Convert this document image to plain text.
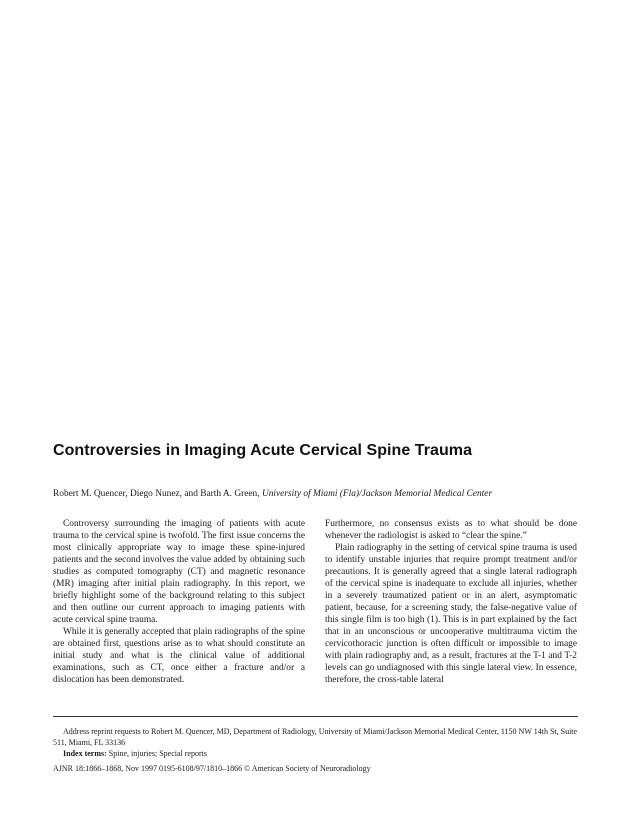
Controversies in Imaging Acute Cervical Spine Trauma
Robert M. Quencer, Diego Nunez, and Barth A. Green, University of Miami (Fla)/Jackson Memorial Medical Center

Controversy surrounding the imaging of patients with acute trauma to the cervical spine is twofold. The first issue concerns the most clinically appropriate way to image these spine-injured patients and the second involves the value added by obtaining such studies as computed tomography (CT) and magnetic resonance (MR) imaging after initial plain radiography. In this report, we briefly highlight some of the background relating to this subject and then outline our current approach to imaging patients with acute cervical spine trauma.

While it is generally accepted that plain radiographs of the spine are obtained first, questions arise as to what should constitute an initial study and what is the clinical value of additional examinations, such as CT, once either a fracture and/or a dislocation has been demonstrated.

Furthermore, no consensus exists as to what should be done whenever the radiologist is asked to “clear the spine.”

Plain radiography in the setting of cervical spine trauma is used to identify unstable injuries that require prompt treatment and/or precautions. It is generally agreed that a single lateral radiograph of the cervical spine is inadequate to exclude all injuries, whether in a severely traumatized patient or in an alert, asymptomatic patient, because, for a screening study, the false-negative value of this single film is too high (1). This is in part explained by the fact that in an unconscious or uncooperative multitrauma victim the cervicothoracic junction is often difficult or impossible to image with plain radiography and, as a result, fractures at the T-1 and T-2 levels can go undiagnosed with this single lateral view. In essence, therefore, the cross-table lateral

Address reprint requests to Robert M. Quencer, MD, Department of Radiology, University of Miami/Jackson Memorial Medical Center, 1150 NW 14th St, Suite 511, Miami, FL 33136

Index terms: Spine, injuries; Special reports

AJNR 18:1866–1868, Nov 1997 0195-6108/97/1810–1866 © American Society of Neuroradiology
